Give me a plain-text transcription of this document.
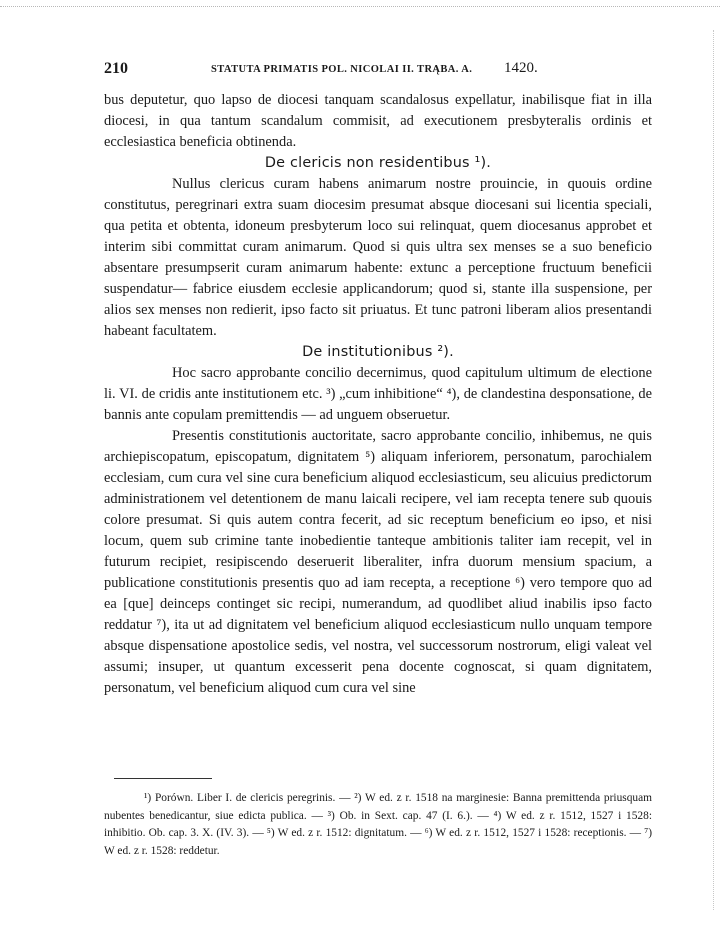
210	STATUTA PRIMATIS POL. NICOLAI II. TRĄBA. A. 1420.

bus deputetur, quo lapso de diocesi tanquam scandalosus expellatur, inabilisque fiat in illa diocesi, in qua tantum scandalum commisit, ad executionem presbyteralis ordinis et ecclesiastica beneficia obtinenda.

De clericis non residentibus ¹).

Nullus clericus curam habens animarum nostre prouincie, in quouis ordine constitutus, peregrinari extra suam diocesim presumat absque diocesani sui licentia speciali, qua petita et obtenta, idoneum presbyterum loco sui relinquat, quem diocesanus approbet et interim sibi committat curam animarum. Quod si quis ultra sex menses se a suo beneficio absentare presumpserit curam animarum habente: extunc a perceptione fructuum beneficii suspendatur— fabrice eiusdem ecclesie applicandorum; quod si, stante illa suspensione, per alios sex menses non redierit, ipso facto sit priuatus. Et tunc patroni liberam alios presentandi habeant facultatem.

De institutionibus ²).

Hoc sacro approbante concilio decernimus, quod capitulum ultimum de electione li. VI. de cridis ante institutionem etc. ³) „cum inhibitione“ ⁴), de clandestina desponsatione, de bannis ante copulam premittendis — ad unguem obseruetur.

Presentis constitutionis auctoritate, sacro approbante concilio, inhibemus, ne quis archiepiscopatum, episcopatum, dignitatem ⁵) aliquam inferiorem, personatum, parochialem ecclesiam, cum cura vel sine cura beneficium aliquod ecclesiasticum, seu alicuius predictorum administrationem vel detentionem de manu laicali recipere, vel iam recepta tenere sub quouis colore presumat. Si quis autem contra fecerit, ad sic receptum beneficium eo ipso, et nisi locum, quem sub crimine tante inobedientie tanteque ambitionis taliter iam recepit, vel in futurum recipiet, resipiscendo deseruerit liberaliter, infra duorum mensium spacium, a publicatione constitutionis presentis quo ad iam recepta, a receptione ⁶) vero tempore quo ad ea [que] deinceps continget sic recipi, numerandum, ad quodlibet aliud inabilis ipso facto reddatur ⁷), ita ut ad dignitatem vel beneficium aliquod ecclesiasticum nullo unquam tempore absque dispensatione apostolice sedis, vel nostra, vel successorum nostrorum, eligi valeat vel assumi; insuper, ut quantum excesserit pena docente cognoscat, si quam dignitatem, personatum, vel beneficium aliquod cum cura vel sine

¹) Porówn. Liber I. de clericis peregrinis. — ²) W ed. z r. 1518 na marginesie: Banna premittenda priusquam nubentes benedicantur, siue edicta publica. — ³) Ob. in Sext. cap. 47 (I. 6.). — ⁴) W ed. z r. 1512, 1527 i 1528: inhibitio. Ob. cap. 3. X. (IV. 3). — ⁵) W ed. z r. 1512: dignitatum. — ⁶) W ed. z r. 1512, 1527 i 1528: receptionis. — ⁷) W ed. z r. 1528: reddetur.
